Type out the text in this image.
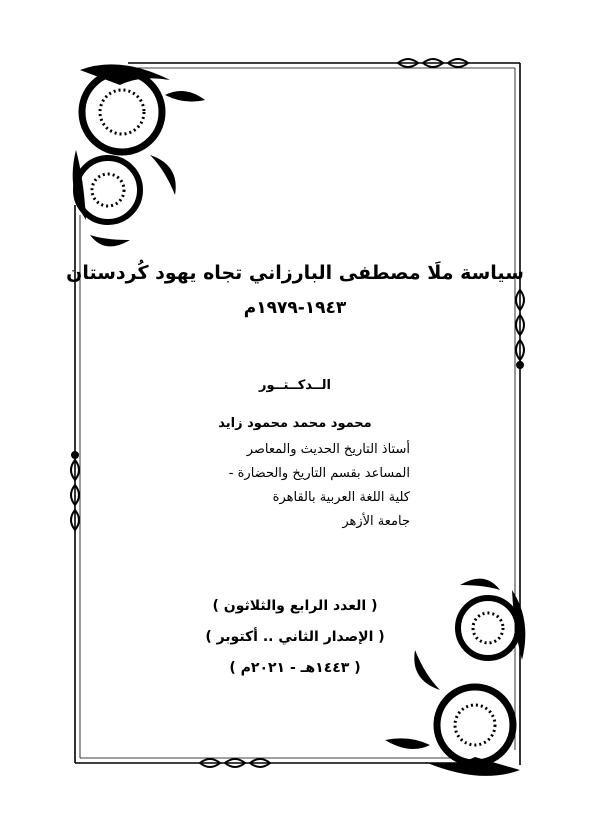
سياسة ملَا مصطفى البارزاني تجاه يهود كُردستان
١٩٤٣-١٩٧٩م
الــدكــتــور
محمود محمد محمود زايد
أستاذ التاريخ الحديث والمعاصر
المساعد بقسم التاريخ والحضارة -
كلية اللغة العربية بالقاهرة
جامعة الأزهر
( العدد الرابع والثلاثون )
( الإصدار الثاني .. أكتوبر )
( ١٤٤٣هـ - ٢٠٢١م )
